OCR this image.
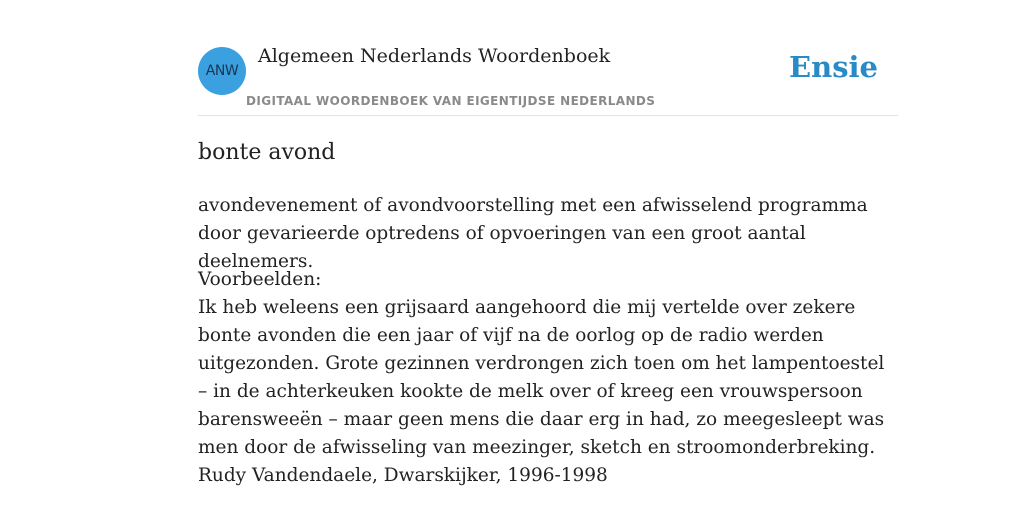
ANW
Algemeen Nederlands Woordenboek
DIGITAAL WOORDENBOEK VAN EIGENTIJDSE NEDERLANDS
Ensie
bonte avond
avondevenement of avondvoorstelling met een afwisselend programma door gevarieerde optredens of opvoeringen van een groot aantal deelnemers.
Voorbeelden:
Ik heb weleens een grijsaard aangehoord die mij vertelde over zekere bonte avonden die een jaar of vijf na de oorlog op de radio werden uitgezonden. Grote gezinnen verdrongen zich toen om het lampentoestel – in de achterkeuken kookte de melk over of kreeg een vrouwspersoon barensweeën – maar geen mens die daar erg in had, zo meegesleept was men door de afwisseling van meezinger, sketch en stroomonderbreking.
Rudy Vandendaele, Dwarskijker, 1996-1998
